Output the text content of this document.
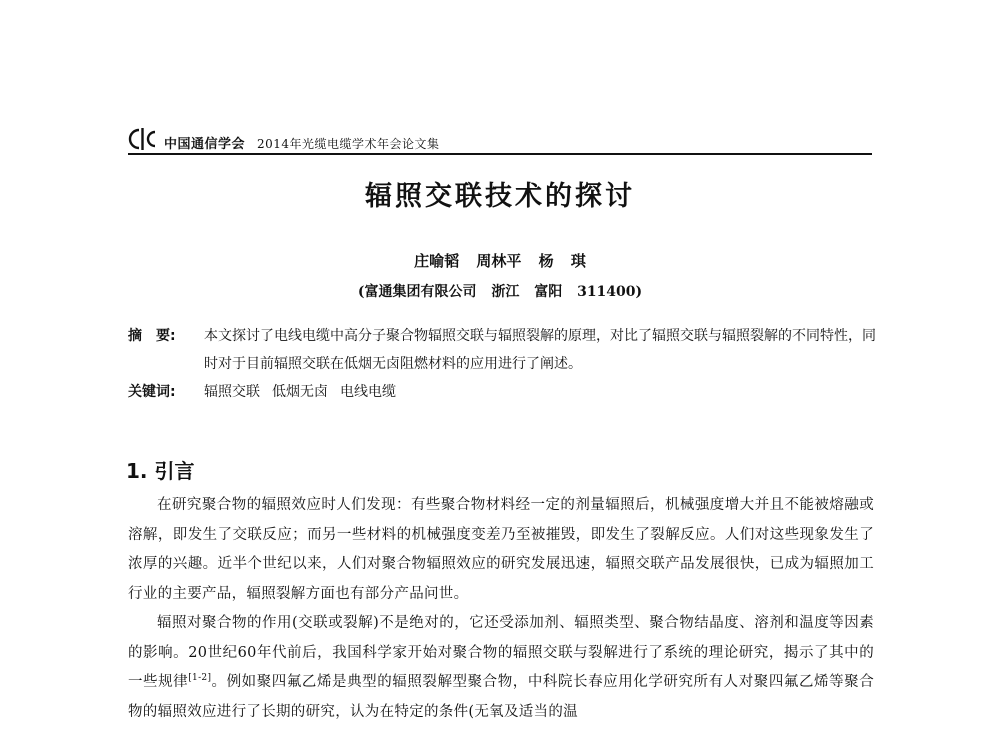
中国通信学会 2014年光缆电缆学术年会论文集
辐照交联技术的探讨
庄喻韬 周林平 杨 琪
(富通集团有限公司 浙江 富阳 311400)
摘　要:	本文探讨了电线电缆中高分子聚合物辐照交联与辐照裂解的原理，对比了辐照交联与辐照裂解的不同特性，同时对于目前辐照交联在低烟无卤阻燃材料的应用进行了阐述。
关键词:	辐照交联 低烟无卤 电线电缆
1. 引言

在研究聚合物的辐照效应时人们发现：有些聚合物材料经一定的剂量辐照后，机械强度增大并且不能被熔融或溶解，即发生了交联反应；而另一些材料的机械强度变差乃至被摧毁，即发生了裂解反应。人们对这些现象发生了浓厚的兴趣。近半个世纪以来，人们对聚合物辐照效应的研究发展迅速，辐照交联产品发展很快，已成为辐照加工行业的主要产品，辐照裂解方面也有部分产品问世。

辐照对聚合物的作用(交联或裂解)不是绝对的，它还受添加剂、辐照类型、聚合物结晶度、溶剂和温度等因素的影响。20世纪60年代前后，我国科学家开始对聚合物的辐照交联与裂解进行了系统的理论研究，揭示了其中的一些规律[1-2]。例如聚四氟乙烯是典型的辐照裂解型聚合物，中科院长春应用化学研究所有人对聚四氟乙烯等聚合物的辐照效应进行了长期的研究，认为在特定的条件(无氧及适当的温
